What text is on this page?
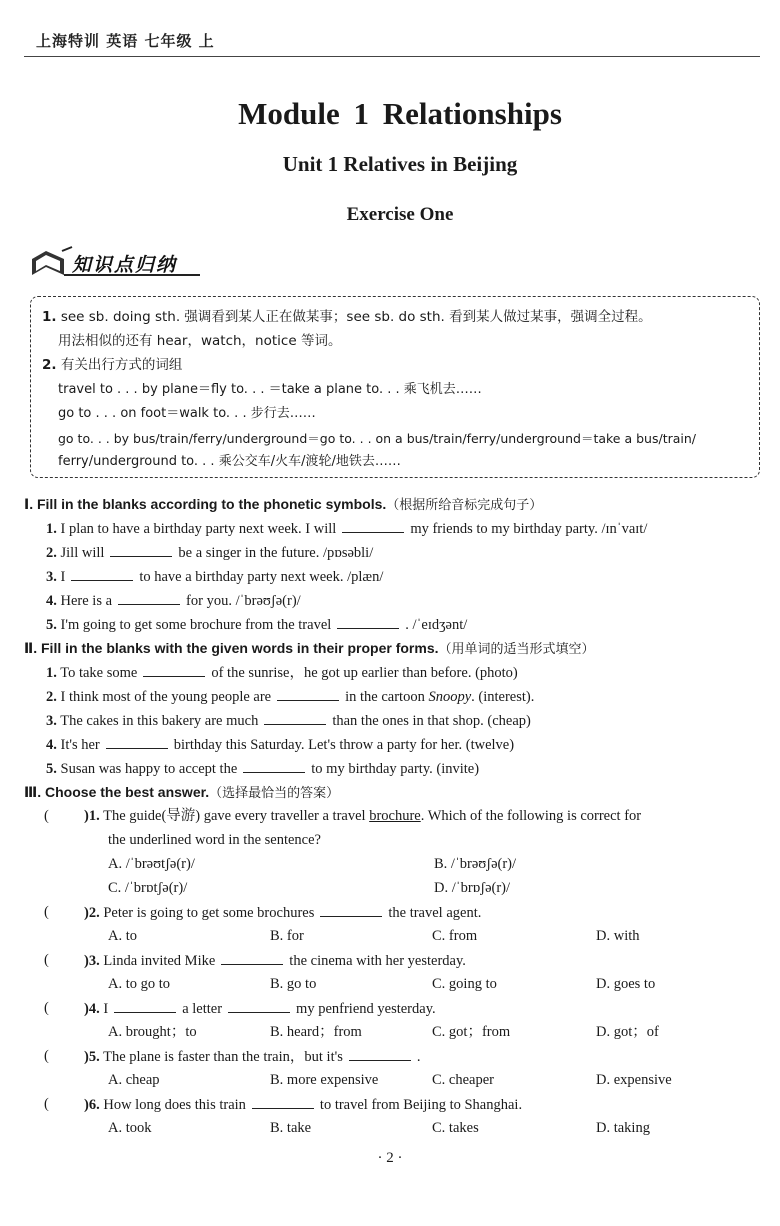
上海特训 英语 七年级 上
Module 1 Relationships
Unit 1 Relatives in Beijing
Exercise One
知识点归纳
1. see sb. doing sth. 强调看到某人正在做某事；see sb. do sth. 看到某人做过某事，强调全过程。
用法相似的还有 hear，watch，notice 等词。
2. 有关出行方式的词组
travel to . . . by plane＝fly to. . . ＝take a plane to. . . 乘飞机去……
go to . . . on foot＝walk to. . . 步行去……
go to. . . by bus/train/ferry/underground＝go to. . . on a bus/train/ferry/underground＝take a bus/train/
ferry/underground to. . . 乘公交车/火车/渡轮/地铁去……
Ⅰ. Fill in the blanks according to the phonetic symbols.（根据所给音标完成句子）
1. I plan to have a birthday party next week. I will	my friends to my birthday party. /ɪnˈvaɪt/
2. Jill will	be a singer in the future. /pɒsəbli/
3. I	to have a birthday party next week. /plæn/
4. Here is a	for you. /ˈbrəʊʃə(r)/
5. I'm going to get some brochure from the travel	. /ˈeɪdʒənt/
Ⅱ. Fill in the blanks with the given words in their proper forms.（用单词的适当形式填空）
1. To take some	of the sunrise，he got up earlier than before. (photo)
2. I think most of the young people are	in the cartoon Snoopy. (interest).
3. The cakes in this bakery are much	than the ones in that shop. (cheap)
4. It's her	birthday this Saturday. Let's throw a party for her. (twelve)
5. Susan was happy to accept the	to my birthday party. (invite)
Ⅲ. Choose the best answer.（选择最恰当的答案）
( )1. The guide(导游) gave every traveller a travel brochure. Which of the following is correct for
the underlined word in the sentence?
A. /ˈbrəʊtʃə(r)/	B. /ˈbrəʊʃə(r)/
C. /ˈbrɒtʃə(r)/	D. /ˈbrɒʃə(r)/
( )2. Peter is going to get some brochures	the travel agent.
A. to	B. for	C. from	D. with
( )3. Linda invited Mike	the cinema with her yesterday.
A. to go to	B. go to	C. going to	D. goes to
( )4. I	a letter	my penfriend yesterday.
A. brought；to	B. heard；from	C. got；from	D. got；of
( )5. The plane is faster than the train，but it's	.
A. cheap	B. more expensive	C. cheaper	D. expensive
( )6. How long does this train	to travel from Beijing to Shanghai.
A. took	B. take	C. takes	D. taking
· 2 ·
